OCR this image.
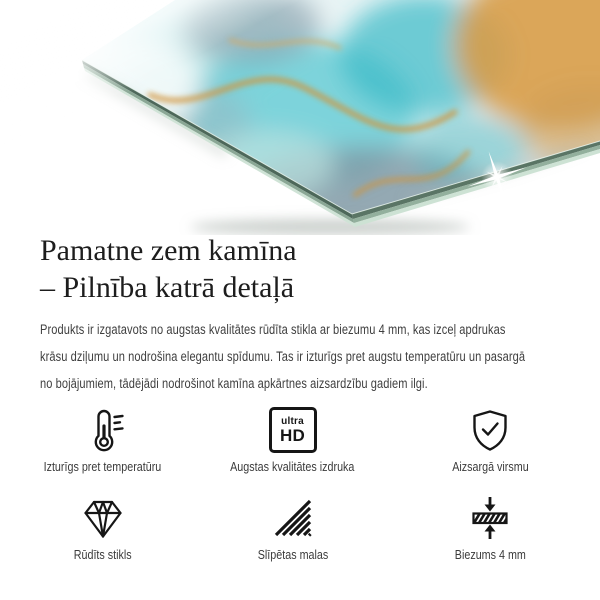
Pamatne zem kamīna
– Pilnība katrā detaļā
Produkts ir izgatavots no augstas kvalitātes rūdīta stikla ar biezumu 4 mm, kas izceļ apdrukas
krāsu dziļumu un nodrošina elegantu spīdumu. Tas ir izturīgs pret augstu temperatūru un pasargā
no bojājumiem, tādējādi nodrošinot kamīna apkārtnes aizsardzību gadiem ilgi.
Izturīgs pret temperatūru
ultra
HD
Augstas kvalitātes izdruka	Aizsargā virsmu
Rūdīts stikls	Slīpētas malas	Biezums 4 mm
